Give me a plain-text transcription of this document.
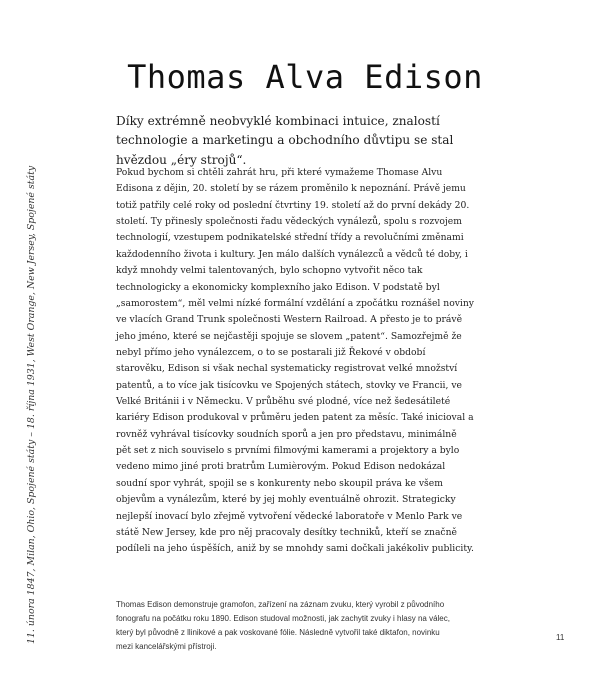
Thomas Alva Edison

Díky extrémně neobvyklé kombinaci intuice, znalostí technologie a marketingu a obchodního důvtipu se stal hvězdou „éry strojů“.

Pokud bychom si chtěli zahrát hru, při které vymažeme Thomase Alvu Edisona z dějin, 20. století by se rázem proměnilo k nepoznání. Právě jemu totiž patřily celé roky od poslední čtvrtiny 19. století až do první dekády 20. století. Ty přinesly společnosti řadu vědeckých vynálezů, spolu s rozvojem technologií, vzestupem podnikatelské střední třídy a revolučními změnami každodenního života i kultury. Jen málo dalších vynálezců a vědců té doby, i když mnohdy velmi talentovaných, bylo schopno vytvořit něco tak technologicky a ekonomicky komplexního jako Edison. V podstatě byl „samorostem“, měl velmi nízké formální vzdělání a zpočátku roznášel noviny ve vlacích Grand Trunk společnosti Western Railroad. A přesto je to právě jeho jméno, které se nejčastěji spojuje se slovem „patent“. Samozřejmě že nebyl přímo jeho vynálezcem, o to se postarali již Řekové v období starověku, Edison si však nechal systematicky registrovat velké množství patentů, a to více jak tisícovku ve Spojených státech, stovky ve Francii, ve Velké Británii i v Německu. V průběhu své plodné, více než šedesátileté kariéry Edison produkoval v průměru jeden patent za měsíc. Také inicioval a rovněž vyhrával tisícovky soudních sporů a jen pro představu, minimálně pět set z nich souviselo s prvními filmovými kamerami a projektory a bylo vedeno mimo jiné proti bratrům Lumièrovým. Pokud Edison nedokázal soudní spor vyhrát, spojil se s konkurenty nebo skoupil práva ke všem objevům a vynálezům, které by jej mohly eventuálně ohrozit. Strategicky nejlepší inovací bylo zřejmě vytvoření vědecké laboratoře v Menlo Park ve státě New Jersey, kde pro něj pracovaly desítky techniků, kteří se značně podíleli na jeho úspěších, aniž by se mnohdy sami dočkali jakékoliv publicity.

Thomas Edison demonstruje gramofon, zařízení na záznam zvuku, který vyrobil z původního fonografu na počátku roku 1890. Edison studoval možnosti, jak zachytit zvuky i hlasy na válec, který byl původně z llinikové a pak voskované fólie. Následně vytvořil také diktafon, novinku mezi kancelářskými přístroji.

11. února 1847, Milan, Ohio, Spojené státy – 18. října 1931, West Orange, New Jersey, Spojené státy	11
